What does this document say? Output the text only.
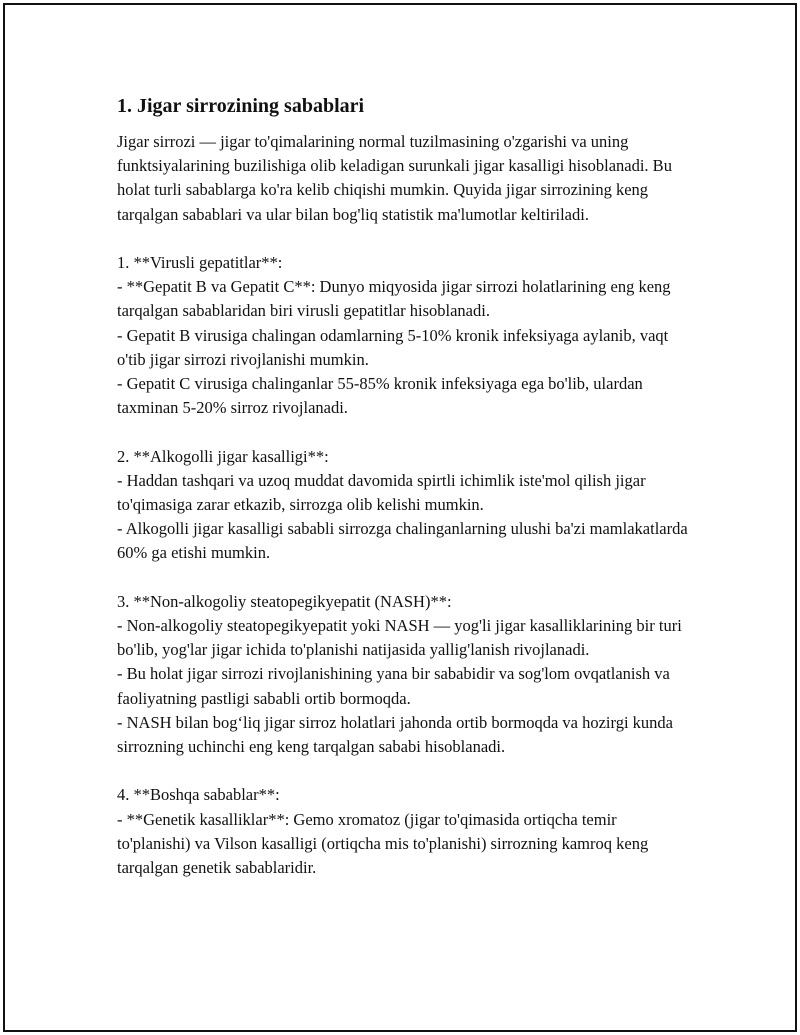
1. Jigar sirrozining sabablari

Jigar sirrozi — jigar to'qimalarining normal tuzilmasining o'zgarishi va uning funktsiyalarining buzilishiga olib keladigan surunkali jigar kasalligi hisoblanadi. Bu holat turli sabablarga ko'ra kelib chiqishi mumkin. Quyida jigar sirrozining keng tarqalgan sabablari va ular bilan bog'liq statistik ma'lumotlar keltiriladi.

1. **Virusli gepatitlar**:

- **Gepatit B va Gepatit C**: Dunyo miqyosida jigar sirrozi holatlarining eng keng tarqalgan sabablaridan biri virusli gepatitlar hisoblanadi.

- Gepatit B virusiga chalingan odamlarning 5-10% kronik infeksiyaga aylanib, vaqt o'tib jigar sirrozi rivojlanishi mumkin.

- Gepatit C virusiga chalinganlar 55-85% kronik infeksiyaga ega bo'lib, ulardan taxminan 5-20% sirroz rivojlanadi.

2. **Alkogolli jigar kasalligi**:

- Haddan tashqari va uzoq muddat davomida spirtli ichimlik iste'mol qilish jigar to'qimasiga zarar etkazib, sirrozga olib kelishi mumkin.

- Alkogolli jigar kasalligi sababli sirrozga chalinganlarning ulushi ba'zi mamlakatlarda 60% ga etishi mumkin.

3. **Non-alkogoliy steatopegikyepatit (NASH)**:

- Non-alkogoliy steatopegikyepatit yoki NASH — yog'li jigar kasalliklarining bir turi bo'lib, yog'lar jigar ichida to'planishi natijasida yallig'lanish rivojlanadi.

- Bu holat jigar sirrozi rivojlanishining yana bir sababidir va sog'lom ovqatlanish va faoliyatning pastligi sababli ortib bormoqda.

- NASH bilan bog‘liq jigar sirroz holatlari jahonda ortib bormoqda va hozirgi kunda sirrozning uchinchi eng keng tarqalgan sababi hisoblanadi.

4. **Boshqa sabablar**:

- **Genetik kasalliklar**: Gemo xromatoz (jigar to'qimasida ortiqcha temir to'planishi) va Vilson kasalligi (ortiqcha mis to'planishi) sirrozning kamroq keng tarqalgan genetik sabablaridir.
